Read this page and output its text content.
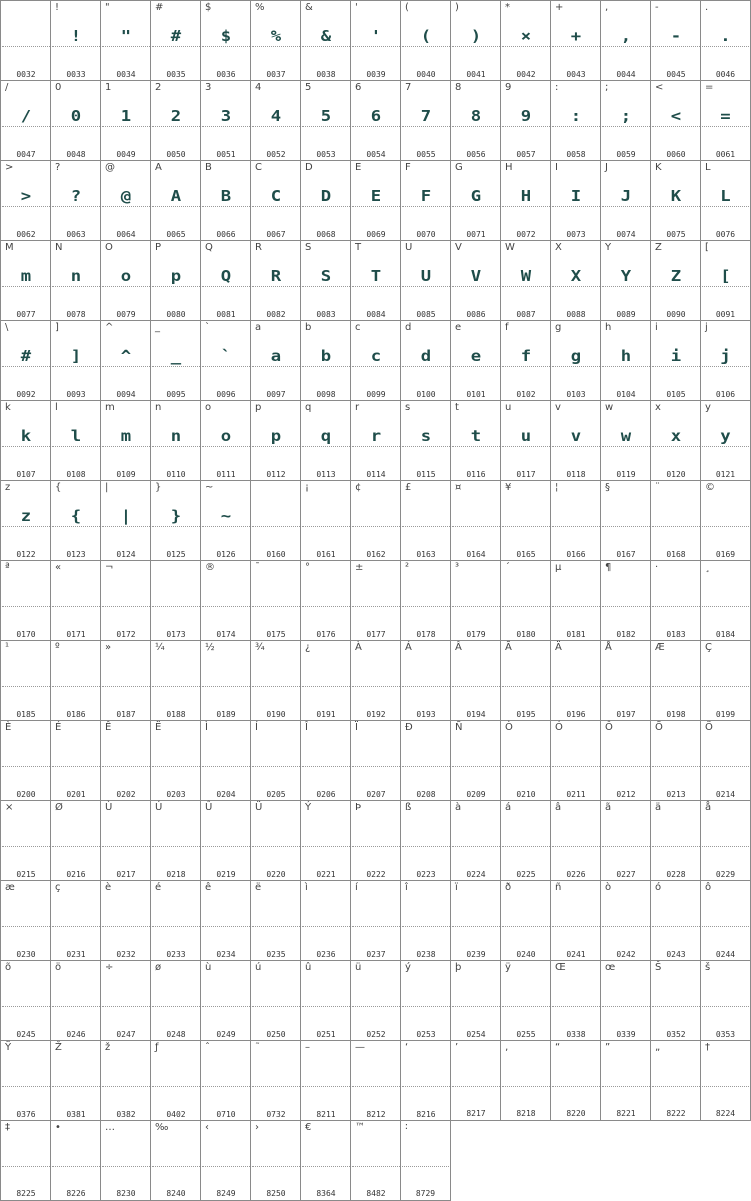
0032
!
!
0033
"
"
0034
#
#
0035
$
$
0036
%
%
0037
&
&
0038
'
'
0039
(
(
0040
)
)
0041
*
×
0042
+
+
0043
,
,
0044
-
-
0045
.
.
0046
/
/
0047
0
0
0048
1
1
0049
2
2
0050
3
3
0051
4
4
0052
5
5
0053
6
6
0054
7
7
0055
8
8
0056
9
9
0057
:
:
0058
;
;
0059
<
<
0060
=
=
0061
>
>
0062
?
?
0063
@
@
0064
A
A
0065
B
B
0066
C
C
0067
D
D
0068
E
E
0069
F
F
0070
G
G
0071
H
H
0072
I
I
0073
J
J
0074
K
K
0075
L
L
0076
M
m
0077
N
n
0078
O
o
0079
P
p
0080
Q
Q
0081
R
R
0082
S
S
0083
T
T
0084
U
U
0085
V
V
0086
W
W
0087
X
X
0088
Y
Y
0089
Z
Z
0090
[
[
0091
\
#
0092
]
]
0093
^
^
0094
_
_
0095
`
`
0096
a
a
0097
b
b
0098
c
c
0099
d
d
0100
e
e
0101
f
f
0102
g
g
0103
h
h
0104
i
i
0105
j
j
0106
k
k
0107
l
l
0108
m
m
0109
n
n
0110
o
o
0111
p
p
0112
q
q
0113
r
r
0114
s
s
0115
t
t
0116
u
u
0117
v
v
0118
w
w
0119
x
x
0120
y
y
0121
z
z
0122
{
{
0123
|
|
0124
}
}
0125
~
~
0126	0160
¡
0161
¢
0162
£
0163
¤
0164
¥
0165
¦
0166
§
0167
¨
0168
©
0169
ª
0170
«
0171
¬
0172	0173
®
0174
¯
0175
°
0176
±
0177
²
0178
³
0179
´
0180
µ
0181
¶
0182
·
0183
¸
0184
¹
0185
º
0186
»
0187
¼
0188
½
0189
¾
0190
¿
0191
À
0192
Á
0193
Â
0194
Ã
0195
Ä
0196
Å
0197
Æ
0198
Ç
0199
È
0200
É
0201
Ê
0202
Ë
0203
Ì
0204
Í
0205
Î
0206
Ï
0207
Ð
0208
Ñ
0209
Ò
0210
Ó
0211
Ô
0212
Õ
0213
Ö
0214
×
0215
Ø
0216
Ù
0217
Ú
0218
Û
0219
Ü
0220
Ý
0221
Þ
0222
ß
0223
à
0224
á
0225
â
0226
ã
0227
ä
0228
å
0229
æ
0230
ç
0231
è
0232
é
0233
ê
0234
ë
0235
ì
0236
í
0237
î
0238
ï
0239
ð
0240
ñ
0241
ò
0242
ó
0243
ô
0244
õ
0245
ö
0246
÷
0247
ø
0248
ù
0249
ú
0250
û
0251
ü
0252
ý
0253
þ
0254
ÿ
0255
Œ
0338
œ
0339
Š
0352
š
0353
Ÿ
0376
Ž
0381
ž
0382
ƒ
0402
ˆ
0710
˜
0732
–
8211
—
8212
‘
8216
’
8217
‚
8218
“
8220
”
8221
„
8222
†
8224
‡
8225
•
8226
…
8230
‰
8240
‹
8249
›
8250
€
8364
™
8482
∶
8729
